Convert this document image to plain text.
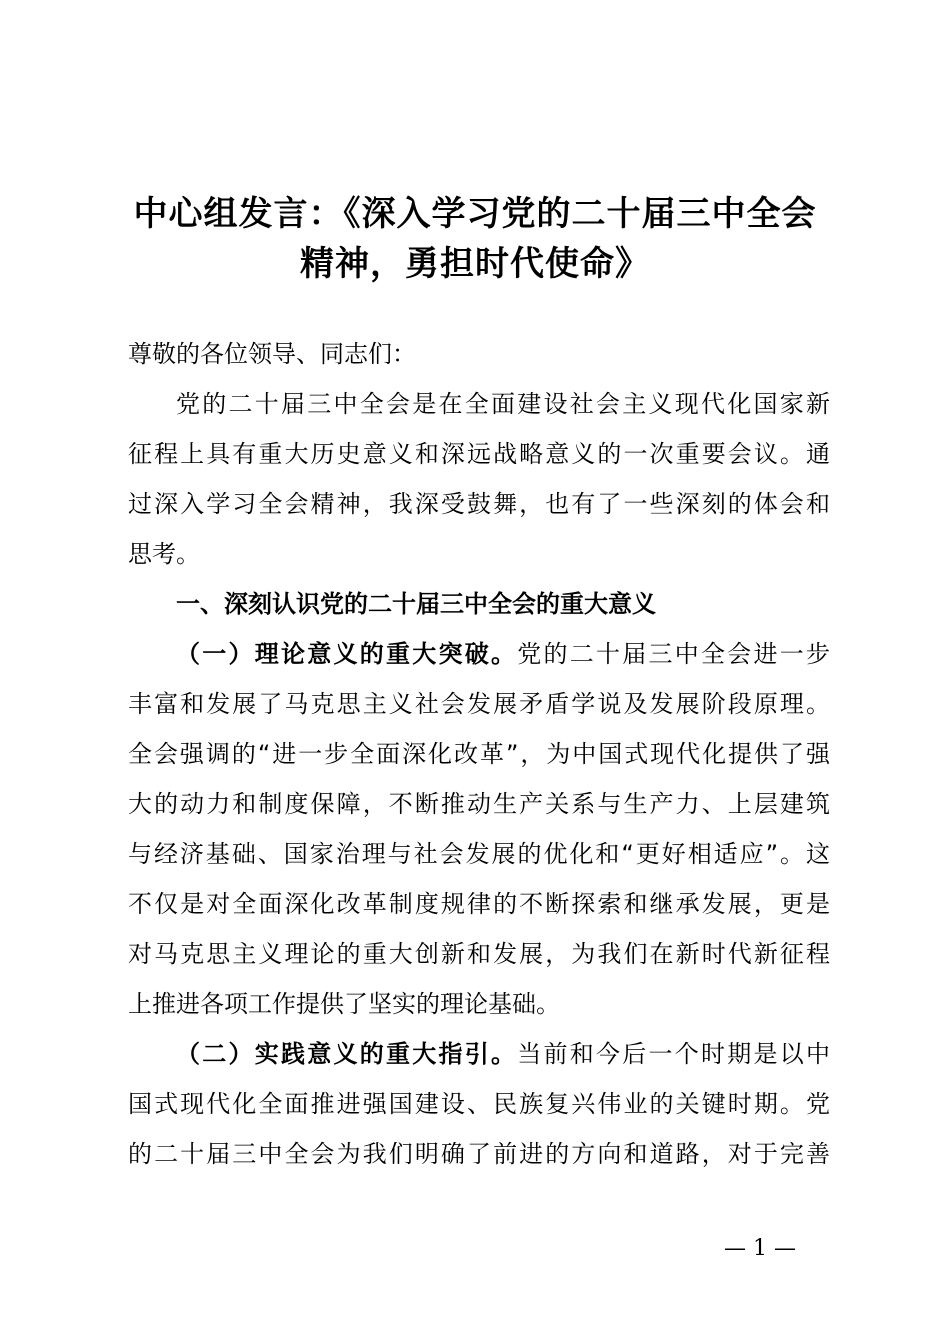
中心组发言：《深入学习党的二十届三中全会
精神，勇担时代使命》
尊敬的各位领导、同志们：
党的二十届三中全会是在全面建设社会主义现代化国家新
征程上具有重大历史意义和深远战略意义的一次重要会议。通
过深入学习全会精神，我深受鼓舞，也有了一些深刻的体会和
思考。
一、深刻认识党的二十届三中全会的重大意义
（一）理论意义的重大突破。党的二十届三中全会进一步
丰富和发展了马克思主义社会发展矛盾学说及发展阶段原理。
全会强调的“进一步全面深化改革”，为中国式现代化提供了强
大的动力和制度保障，不断推动生产关系与生产力、上层建筑
与经济基础、国家治理与社会发展的优化和“更好相适应”。这
不仅是对全面深化改革制度规律的不断探索和继承发展，更是
对马克思主义理论的重大创新和发展，为我们在新时代新征程
上推进各项工作提供了坚实的理论基础。
（二）实践意义的重大指引。当前和今后一个时期是以中
国式现代化全面推进强国建设、民族复兴伟业的关键时期。党
的二十届三中全会为我们明确了前进的方向和道路，对于完善
— 1 —
